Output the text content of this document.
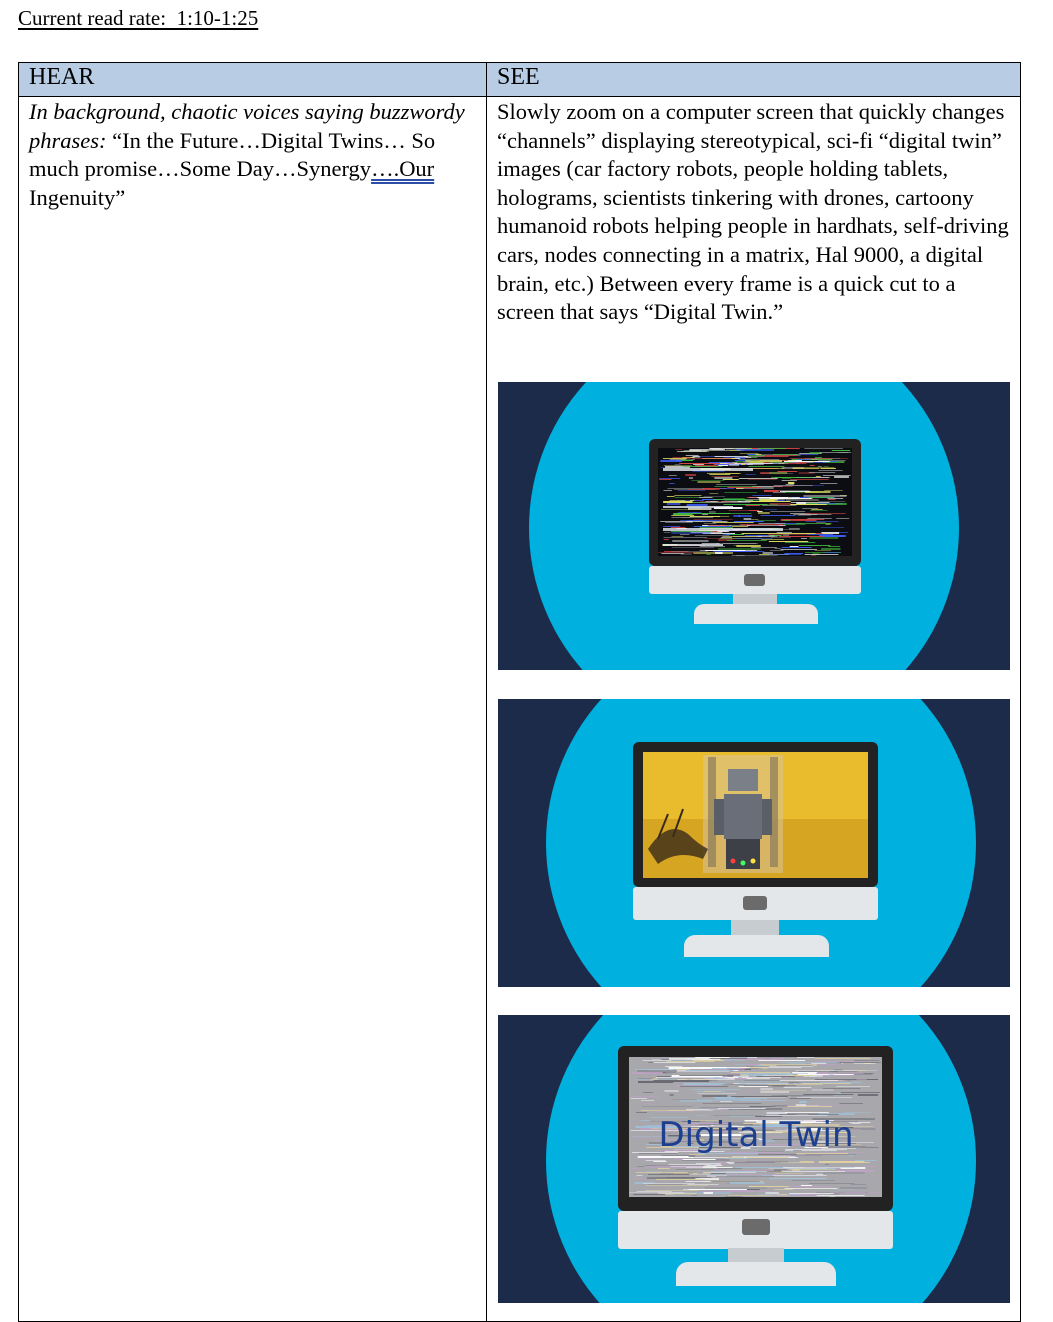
Current read rate:  1:10-1:25
HEAR	SEE
In background, chaotic voices saying buzzwordy phrases: “In the Future…Digital Twins… So much promise…Some Day…Synergy….Our Ingenuity”
Slowly zoom on a computer screen that quickly changes “channels” displaying stereotypical, sci-fi “digital twin” images (car factory robots, people holding tablets, holograms, scientists tinkering with drones, cartoony humanoid robots helping people in hardhats, self-driving cars, nodes connecting in a matrix, Hal 9000, a digital brain, etc.) Between every frame is a quick cut to a screen that says “Digital Twin.”
Digital Twin
